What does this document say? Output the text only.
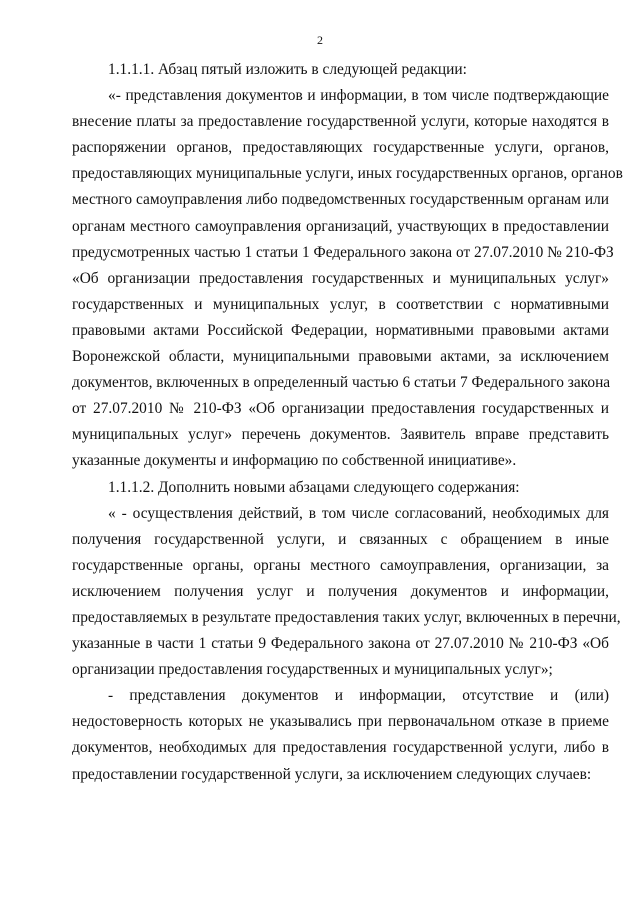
2
1.1.1.1. Абзац пятый изложить в следующей редакции:
«- представления документов и информации, в том числе подтверждающие
внесение платы за предоставление государственной услуги, которые находятся в
распоряжении органов, предоставляющих государственные услуги, органов,
предоставляющих муниципальные услуги, иных государственных органов, органов
местного самоуправления либо подведомственных государственным органам или
органам местного самоуправления организаций, участвующих в предоставлении
предусмотренных частью 1 статьи 1 Федерального закона от 27.07.2010 № 210-ФЗ
«Об организации предоставления государственных и муниципальных услуг»
государственных и муниципальных услуг, в соответствии с нормативными
правовыми актами Российской Федерации, нормативными правовыми актами
Воронежской области, муниципальными правовыми актами, за исключением
документов, включенных в определенный частью 6 статьи 7 Федерального закона
от 27.07.2010 № 210-ФЗ «Об организации предоставления государственных и
муниципальных услуг» перечень документов. Заявитель вправе представить
указанные документы и информацию по собственной инициативе».
1.1.1.2. Дополнить новыми абзацами следующего содержания:
« - осуществления действий, в том числе согласований, необходимых для
получения государственной услуги, и связанных с обращением в иные
государственные органы, органы местного самоуправления, организации, за
исключением получения услуг и получения документов и информации,
предоставляемых в результате предоставления таких услуг, включенных в перечни,
указанные в части 1 статьи 9 Федерального закона от 27.07.2010 № 210-ФЗ «Об
организации предоставления государственных и муниципальных услуг»;
- представления документов и информации, отсутствие и (или)
недостоверность которых не указывались при первоначальном отказе в приеме
документов, необходимых для предоставления государственной услуги, либо в
предоставлении государственной услуги, за исключением следующих случаев:
